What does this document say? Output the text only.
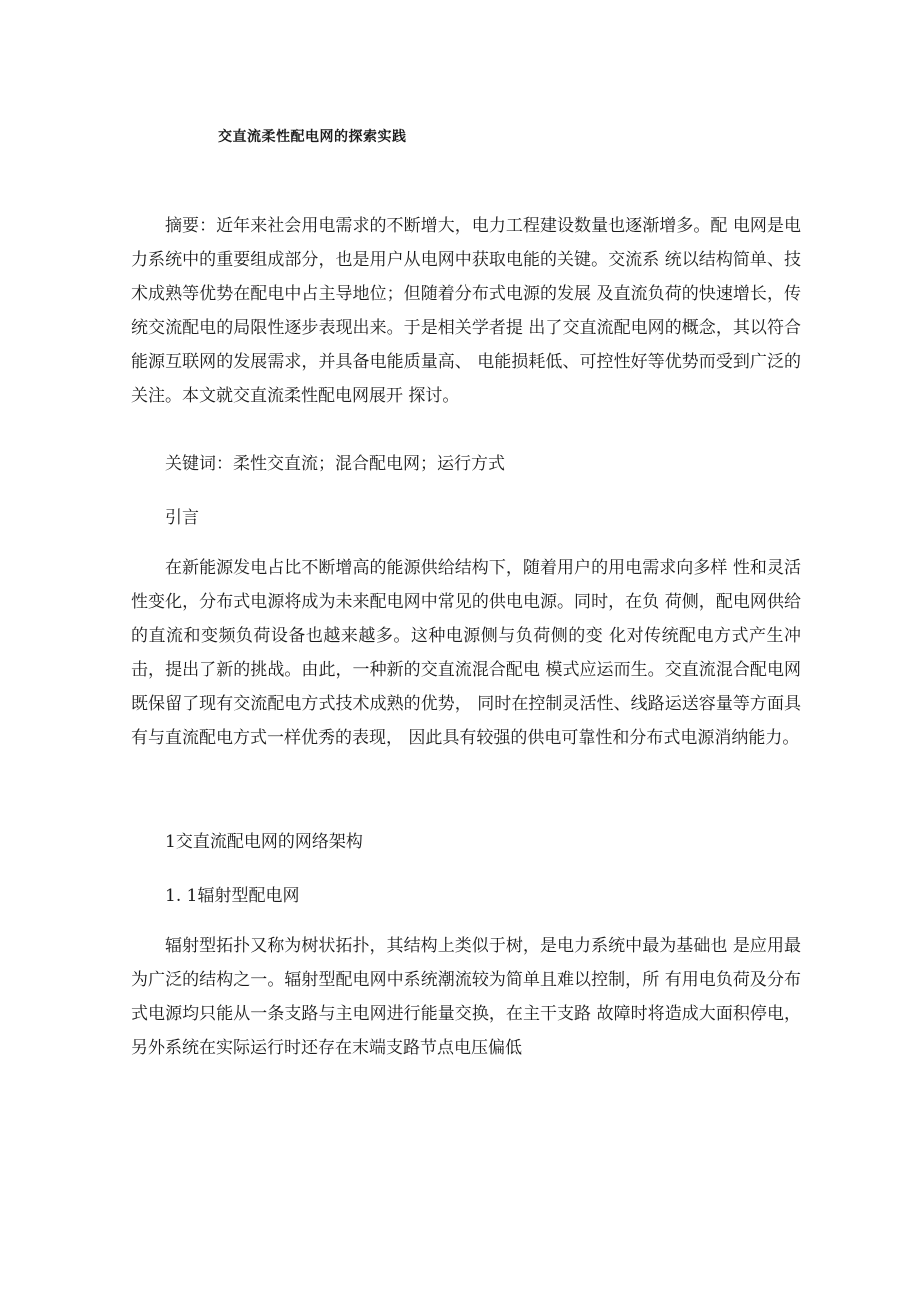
交直流柔性配电网的探索实践

摘要：近年来社会用电需求的不断增大，电力工程建设数量也逐渐增多。配 电网是电力系统中的重要组成部分，也是用户从电网中获取电能的关键。交流系 统以结构简单、技术成熟等优势在配电中占主导地位；但随着分布式电源的发展 及直流负荷的快速增长，传统交流配电的局限性逐步表现出来。于是相关学者提 出了交直流配电网的概念，其以符合能源互联网的发展需求，并具备电能质量高、 电能损耗低、可控性好等优势而受到广泛的关注。本文就交直流柔性配电网展开 探讨。

关键词：柔性交直流；混合配电网；运行方式

引言

在新能源发电占比不断增高的能源供给结构下，随着用户的用电需求向多样 性和灵活性变化，分布式电源将成为未来配电网中常见的供电电源。同时，在负 荷侧，配电网供给的直流和变频负荷设备也越来越多。这种电源侧与负荷侧的变 化对传统配电方式产生冲击，提出了新的挑战。由此，一种新的交直流混合配电 模式应运而生。交直流混合配电网既保留了现有交流配电方式技术成熟的优势， 同时在控制灵活性、线路运送容量等方面具有与直流配电方式一样优秀的表现， 因此具有较强的供电可靠性和分布式电源消纳能力。

1交直流配电网的网络架构

1. 1辐射型配电网

辐射型拓扑又称为树状拓扑，其结构上类似于树，是电力系统中最为基础也 是应用最为广泛的结构之一。辐射型配电网中系统潮流较为简单且难以控制，所 有用电负荷及分布式电源均只能从一条支路与主电网进行能量交换，在主干支路 故障时将造成大面积停电，另外系统在实际运行时还存在末端支路节点电压偏低
